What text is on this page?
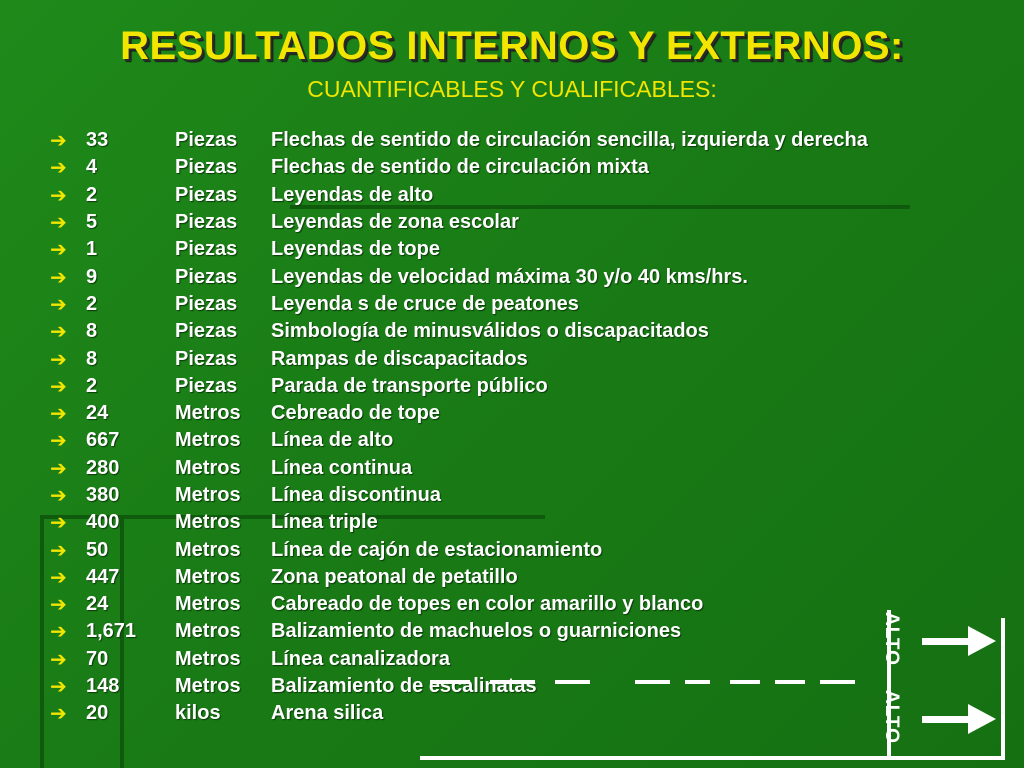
RESULTADOS INTERNOS Y EXTERNOS:
CUANTIFICABLES Y CUALIFICABLES:
➔ 33	Piezas	Flechas de sentido de circulación sencilla, izquierda y derecha
➔ 4	Piezas	Flechas de sentido de circulación mixta
➔ 2	Piezas	Leyendas de alto
➔ 5	Piezas	Leyendas de zona escolar
➔ 1	Piezas	Leyendas de tope
➔ 9	Piezas	Leyendas de velocidad máxima 30 y/o 40 kms/hrs.
➔ 2	Piezas	Leyenda s de cruce de peatones
➔ 8	Piezas	Simbología de minusválidos o discapacitados
➔ 8	Piezas	Rampas de discapacitados
➔ 2	Piezas	Parada de transporte público
➔ 24	Metros	Cebreado de tope
➔ 667	Metros	Línea de alto
➔ 280	Metros	Línea continua
➔ 380	Metros	Línea discontinua
➔ 400	Metros	Línea triple
➔ 50	Metros	Línea de cajón de estacionamiento
➔ 447	Metros	Zona peatonal de petatillo
➔ 24	Metros	Cabreado de topes en color amarillo y blanco
➔ 1,671	Metros	Balizamiento de machuelos o guarniciones
➔ 70	Metros	Línea canalizadora
➔ 148	Metros	Balizamiento de escalinatas
➔ 20	kilos	Arena silica
ALTO
ALTO
